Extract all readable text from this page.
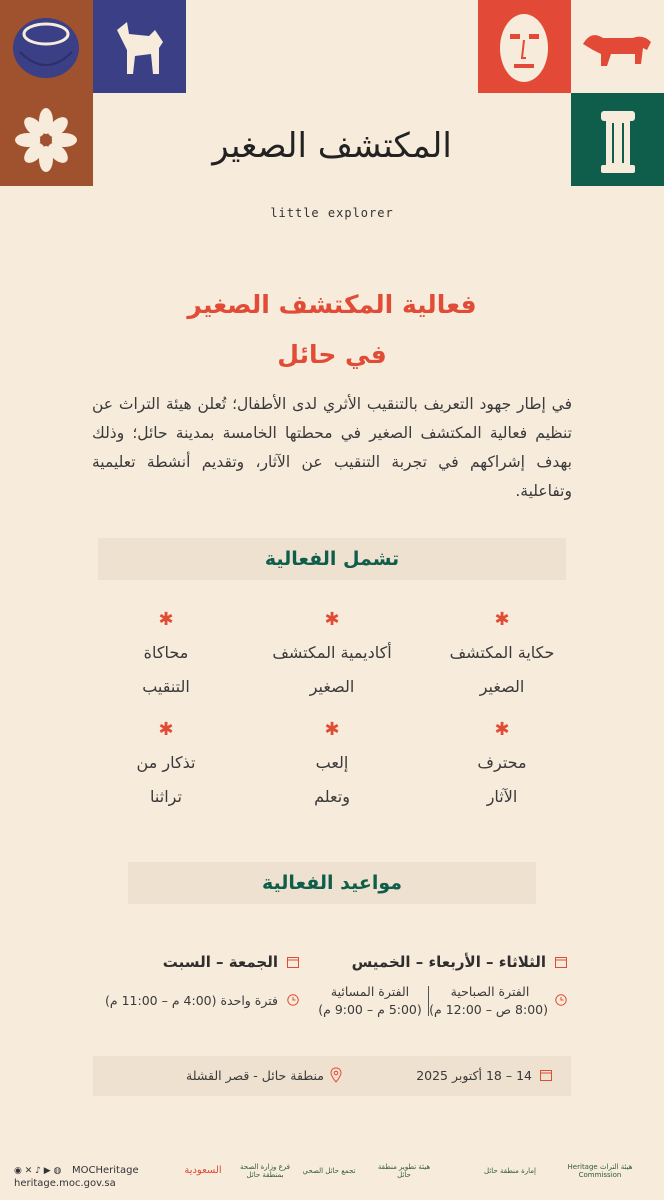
المكتشف الصغير
little explorer
فعالية المكتشف الصغير
في حائل
في إطار جهود التعريف بالتنقيب الأثري لدى الأطفال؛ تُعلن هيئة التراث عن تنظيم فعالية المكتشف الصغير في محطتها الخامسة بمدينة حائل؛ وذلك بهدف إشراكهم في تجربة التنقيب عن الآثار، وتقديم أنشطة تعليمية وتفاعلية.
تشمل الفعالية
✱
حكاية المكتشف
الصغير
✱
أكاديمية المكتشف
الصغير
✱
محاكاة
التنقيب
✱
محترف
الآثار
✱
إلعب
وتعلم
✱
تذكار من
تراثنا
مواعيد الفعالية
الثلاثاء – الأربعاء – الخميس
الفترة الصباحية
(8:00 ص – 12:00 م)
الفترة المسائية
(5:00 م – 9:00 م)
الجمعة – السبت
فترة واحدة (4:00 م – 11:00 م)
14 – 18 أكتوبر 2025
منطقة حائل - قصر القشلة
◉ ✕ ♪ ▶ ◍ MOCHeritage
heritage.moc.gov.sa
هيئة التراث Heritage Commission
إمارة منطقة حائل
هيئة تطوير منطقة حائل
تجمع حائل الصحي
فرع وزارة الصحة بمنطقة حائل
السعودية
